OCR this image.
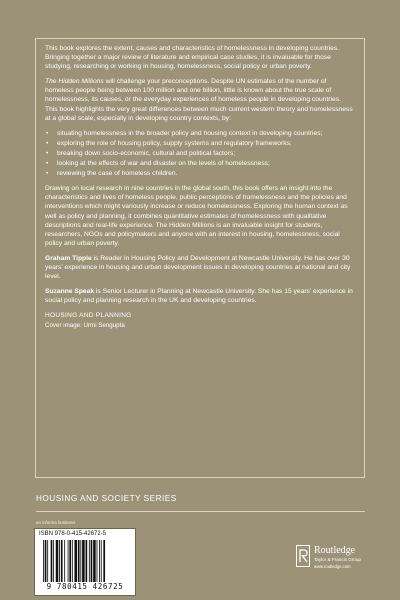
This book explores the extent, causes and characteristics of homelessness in developing countries. Bringing together a major review of literature and empirical case studies, it is invaluable for those studying, researching or working in housing, homelessness, social policy or urban poverty.

The Hidden Millions will challenge your preconceptions. Despite UN estimates of the number of homeless people being between 100 million and one billion, little is known about the true scale of homelessness, its causes, or the everyday experiences of homeless people in developing countries. This book highlights the very great differences between much current western theory and homelessness at a global scale, especially in developing country contexts, by:

• situating homelessness in the broader policy and housing context in developing countries;
• exploring the role of housing policy, supply systems and regulatory frameworks;
• breaking down socio-economic, cultural and political factors;
• looking at the effects of war and disaster on the levels of homelessness;
• reviewing the case of homeless children.

Drawing on local research in nine countries in the global south, this book offers an insight into the characteristics and lives of homeless people, public perceptions of homelessness and the policies and interventions which might variously increase or reduce homelessness. Exploring the human context as well as policy and planning, it combines quantitative estimates of homelessness with qualitative descriptions and real-life experience. The Hidden Millions is an invaluable insight for students, researchers, NGOs and policymakers and anyone with an interest in housing, homelessness, social policy and urban poverty.

Graham Tipple is Reader in Housing Policy and Development at Newcastle University. He has over 30 years' experience in housing and urban development issues in developing countries at national and city level.

Suzanne Speak is Senior Lecturer in Planning at Newcastle University. She has 15 years' experience in social policy and planning research in the UK and developing countries.

HOUSING AND PLANNING
Cover image: Urmi Sengupta
HOUSING AND SOCIETY SERIES
an informa business
ISBN 978-0-415-42672-5
9 780415 426725
Routledge
Taylor & Francis Group
www.routledge.com
